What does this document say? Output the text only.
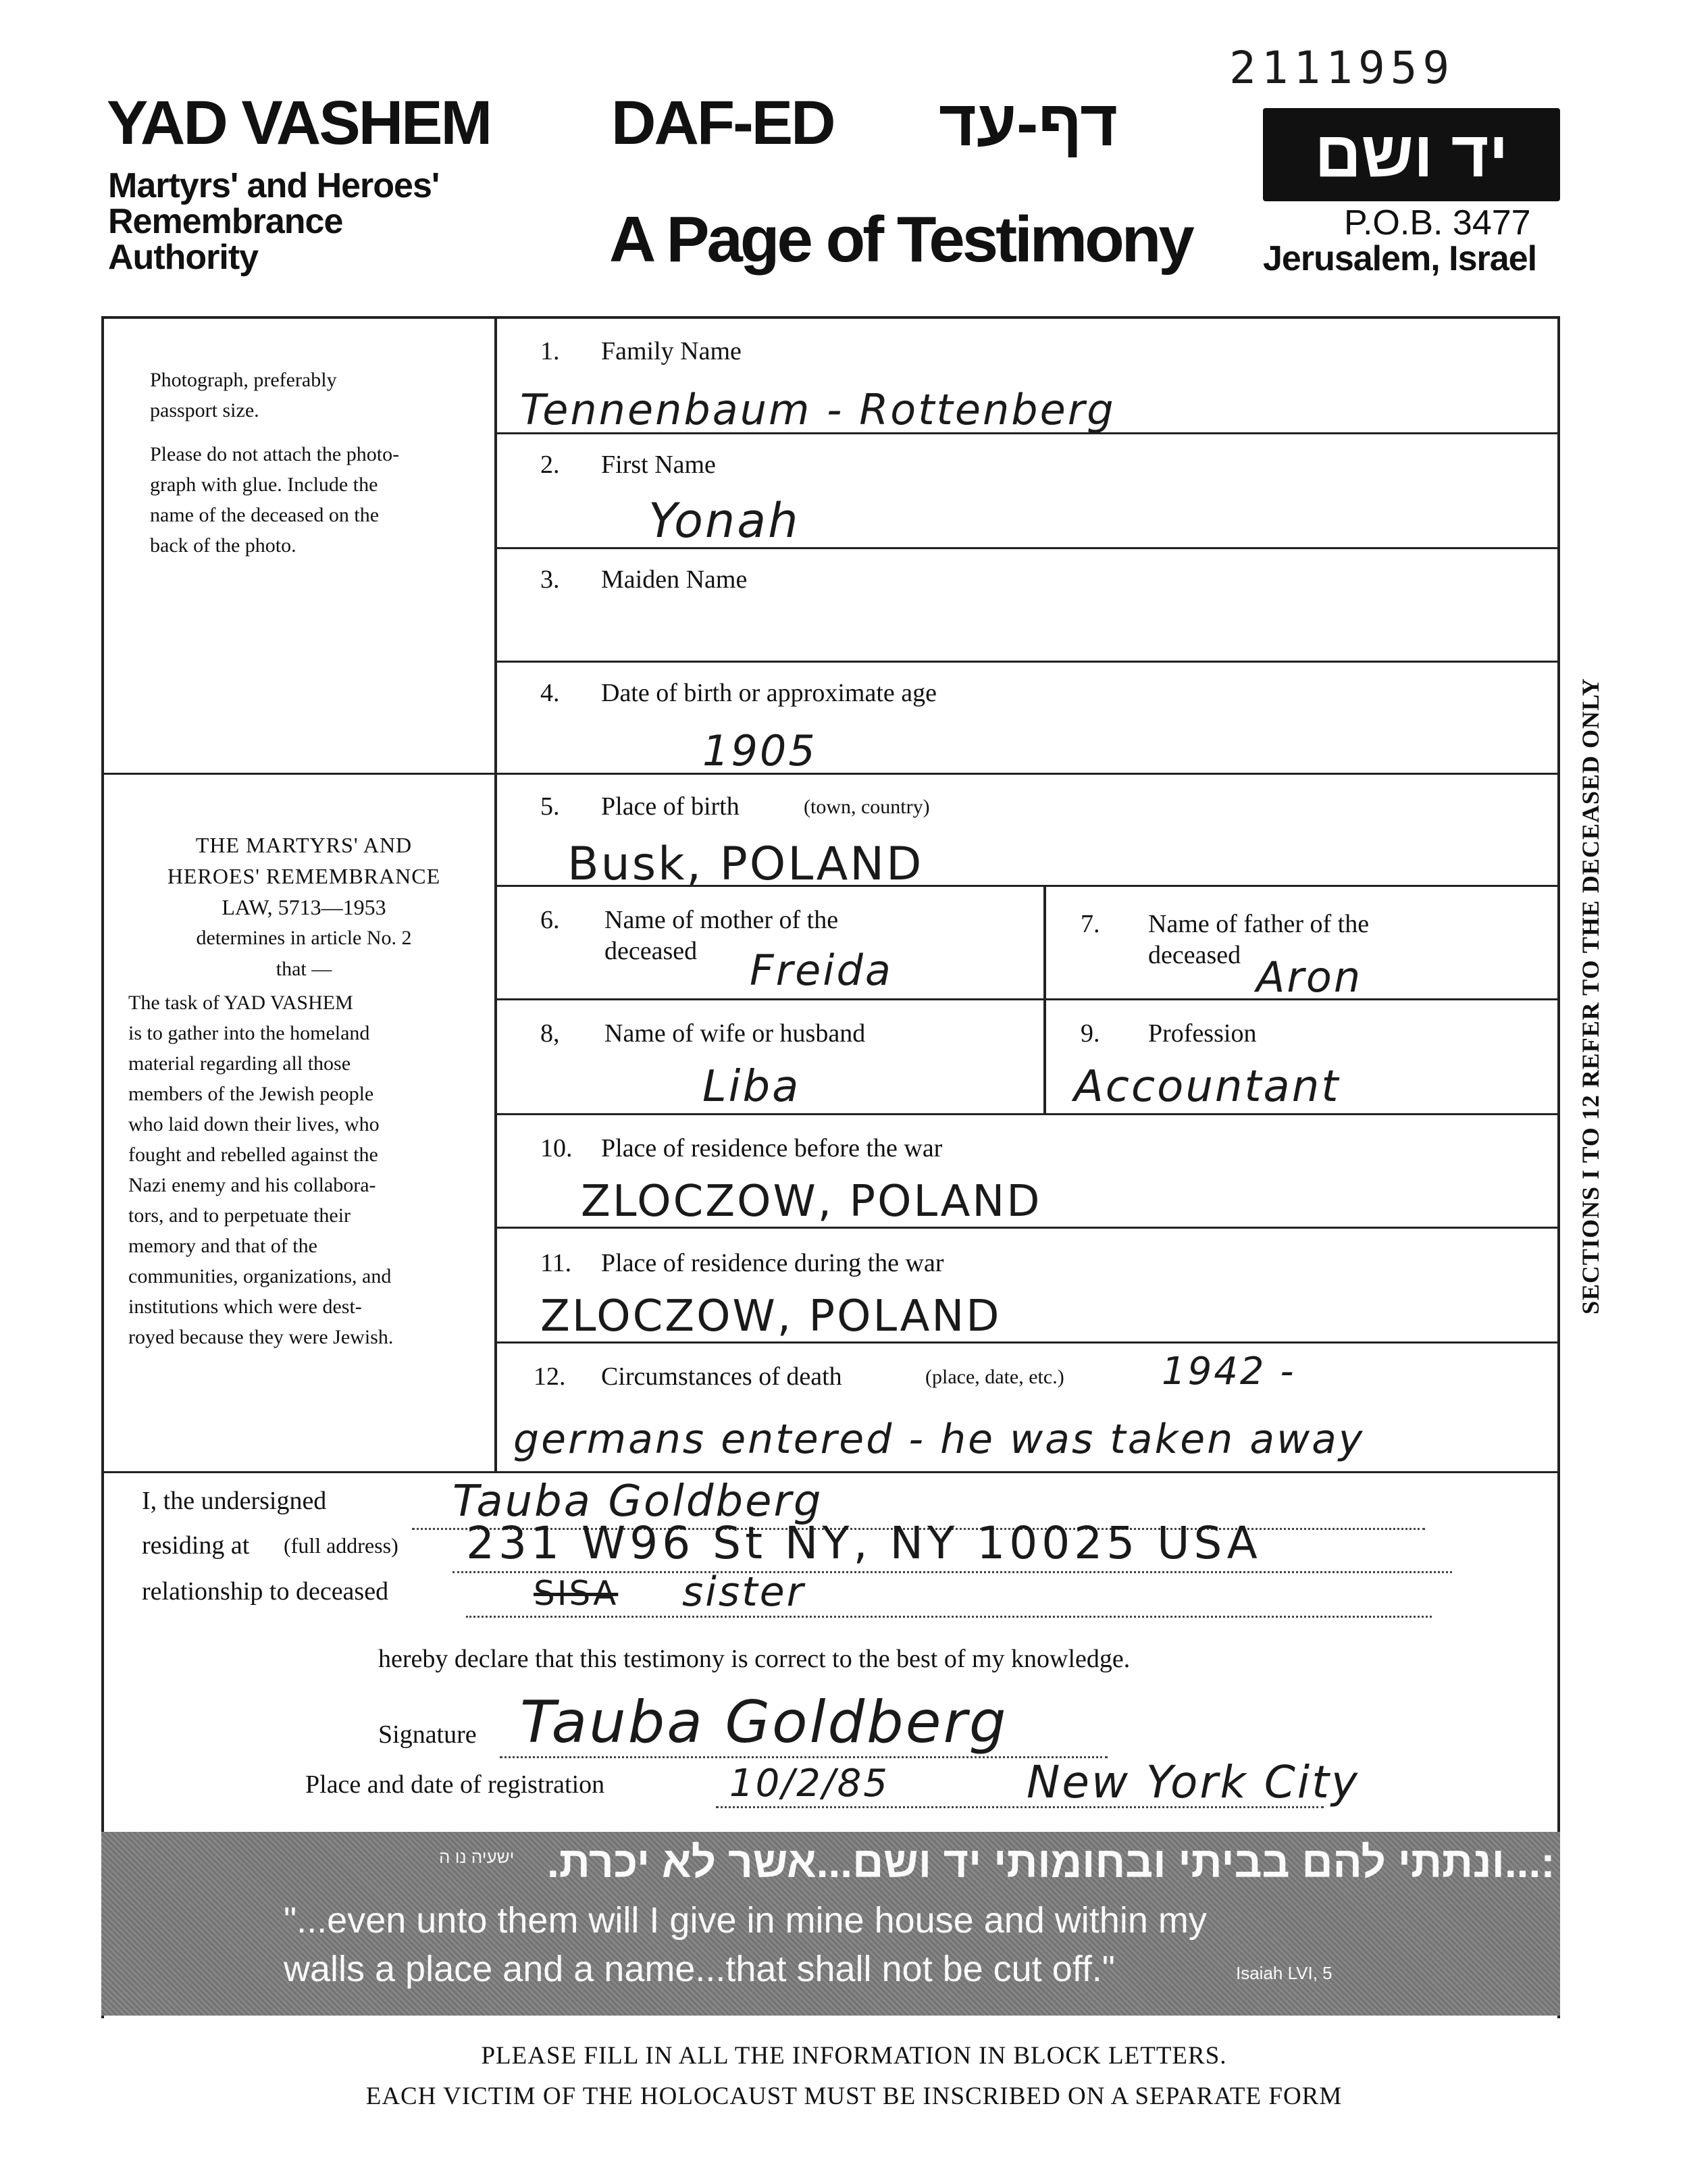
2111959
YAD VASHEM
Martyrs' and Heroes'
Remembrance
Authority
DAF-ED דף-עד
A Page of Testimony
יד ושם
P.O.B. 3477
Jerusalem, Israel
Photograph, preferably
passport size.
Please do not attach the photo-
graph with glue. Include the
name of the deceased on the
back of the photo.
THE MARTYRS' AND
HEROES' REMEMBRANCE
LAW, 5713—1953
determines in article No. 2
that —
The task of YAD VASHEM
is to gather into the homeland
material regarding all those
members of the Jewish people
who laid down their lives, who
fought and rebelled against the
Nazi enemy and his collabora-
tors, and to perpetuate their
memory and that of the
communities, organizations, and
institutions which were dest-
royed because they were Jewish.
1. Family Name
Tennenbaum - Rottenberg
2. First Name
Yonah
3. Maiden Name
4. Date of birth or approximate age
1905
5. Place of birth	(town, country)
Busk, POLAND
6. Name of mother of the
deceased Freida
7. Name of father of the
deceased Aron
8, Name of wife or husband
Liba
9. Profession
Accountant
10. Place of residence before the war
ZLOCZOW, POLAND
11. Place of residence during the war
ZLOCZOW, POLAND
12. Circumstances of death	(place, date, etc.)	1942 -
germans entered - he was taken away
SECTIONS I TO 12 REFER TO THE DECEASED ONLY
I, the undersigned	Tauba Goldberg
residing at (full address) 231 W96 St NY, NY 10025 USA
relationship to deceased	SISA sister
hereby declare that this testimony is correct to the best of my knowledge.
Signature Tauba Goldberg
Place and date of registration	10/2/85	New York City
ישעיה נו ה :...ונתתי להם בביתי ובחומותי יד ושם...אשר לא יכרת.
"...even unto them will I give in mine house and within my
walls a place and a name...that shall not be cut off."	Isaiah LVI, 5
PLEASE FILL IN ALL THE INFORMATION IN BLOCK LETTERS.
EACH VICTIM OF THE HOLOCAUST MUST BE INSCRIBED ON A SEPARATE FORM
